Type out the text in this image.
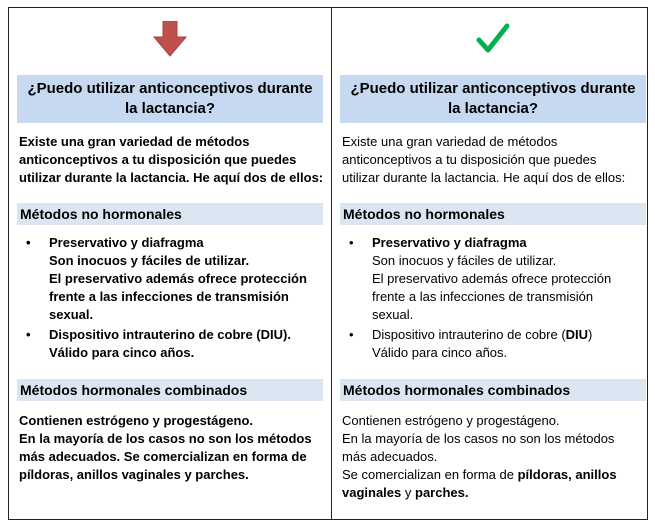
¿Puedo utilizar anticonceptivos durante la lactancia?
Existe una gran variedad de métodos
anticonceptivos a tu disposición que puedes
utilizar durante la lactancia. He aquí dos de ellos:
Métodos no hormonales
• Preservativo y diafragma
Son inocuos y fáciles de utilizar.
El preservativo además ofrece protección
frente a las infecciones de transmisión
sexual.
• Dispositivo intrauterino de cobre (DIU).
Válido para cinco años.
Métodos hormonales combinados
Contienen estrógeno y progestágeno.
En la mayoría de los casos no son los métodos
más adecuados. Se comercializan en forma de
píldoras, anillos vaginales y parches.
¿Puedo utilizar anticonceptivos durante la lactancia?
Existe una gran variedad de métodos
anticonceptivos a tu disposición que puedes
utilizar durante la lactancia. He aquí dos de ellos:
Métodos no hormonales
• Preservativo y diafragma
Son inocuos y fáciles de utilizar.
El preservativo además ofrece protección
frente a las infecciones de transmisión
sexual.
• Dispositivo intrauterino de cobre (DIU)
Válido para cinco años.
Métodos hormonales combinados
Contienen estrógeno y progestágeno.
En la mayoría de los casos no son los métodos
más adecuados.
Se comercializan en forma de píldoras, anillos
vaginales y parches.
